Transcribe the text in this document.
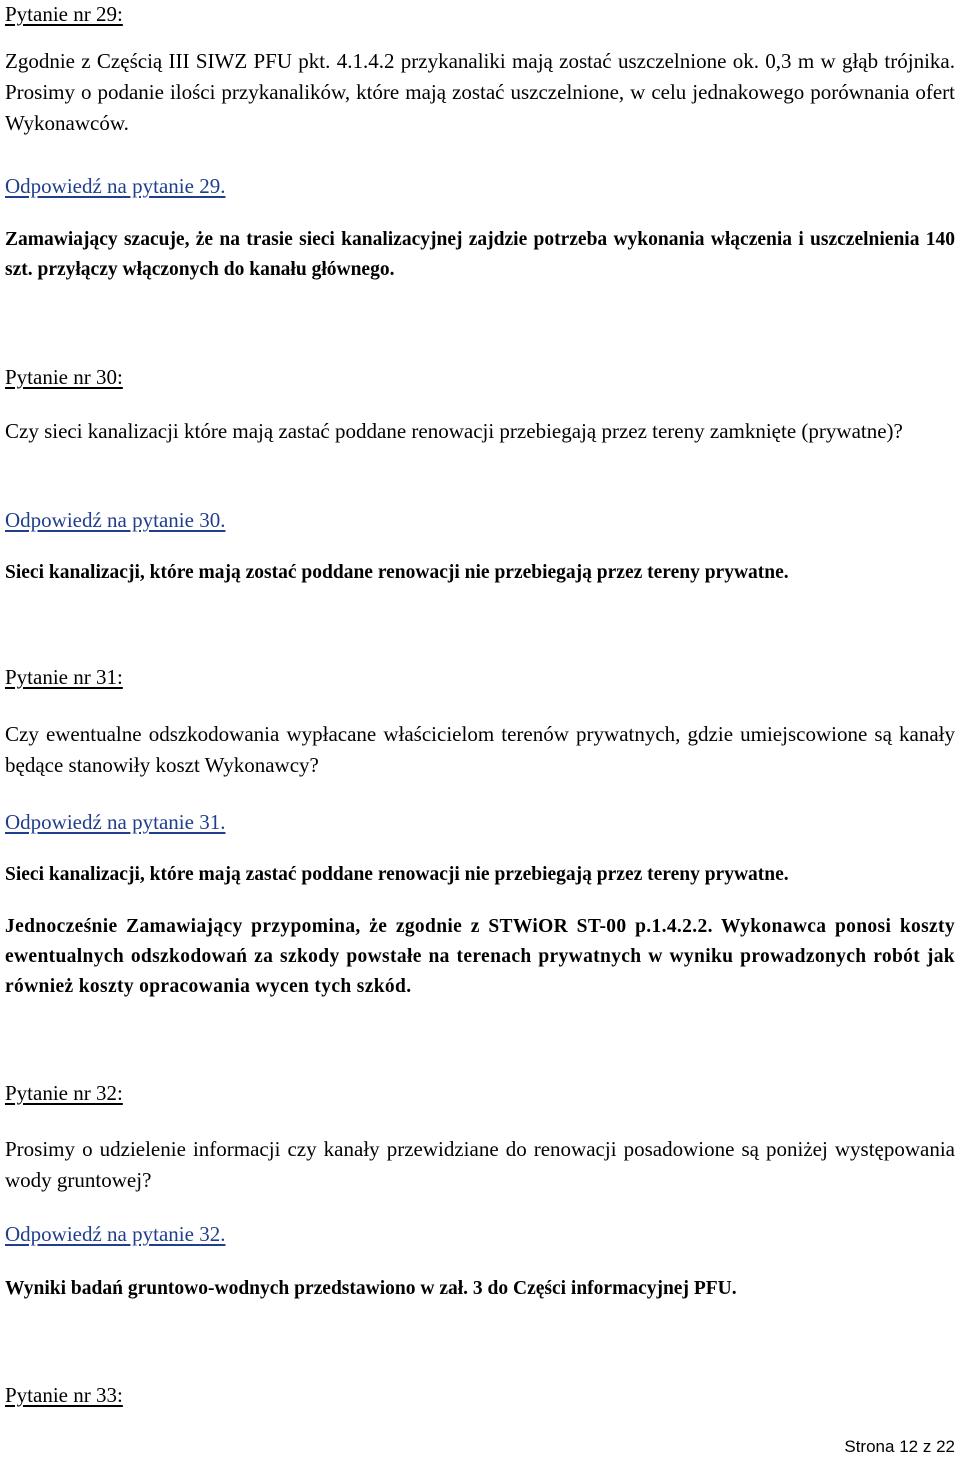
Pytanie nr 29:

Zgodnie z Częścią III SIWZ PFU pkt. 4.1.4.2 przykanaliki mają zostać uszczelnione ok. 0,3 m w głąb trójnika. Prosimy o podanie ilości przykanalików, które mają zostać uszczelnione, w celu jednakowego porównania ofert Wykonawców.

Odpowiedź na pytanie 29.

Zamawiający szacuje, że na trasie sieci kanalizacyjnej zajdzie potrzeba wykonania włączenia i uszczelnienia 140 szt. przyłączy włączonych do kanału głównego.

Pytanie nr 30:

Czy sieci kanalizacji które mają zastać poddane renowacji przebiegają przez tereny zamknięte (prywatne)?

Odpowiedź na pytanie 30.

Sieci kanalizacji, które mają zostać poddane renowacji nie przebiegają przez tereny prywatne.

Pytanie nr 31:

Czy ewentualne odszkodowania wypłacane właścicielom terenów prywatnych, gdzie umiejscowione są kanały będące stanowiły koszt Wykonawcy?

Odpowiedź na pytanie 31.

Sieci kanalizacji, które mają zastać poddane renowacji nie przebiegają przez tereny prywatne.

Jednocześnie Zamawiający przypomina, że zgodnie z STWiOR ST-00 p.1.4.2.2. Wykonawca ponosi koszty ewentualnych odszkodowań za szkody powstałe na terenach prywatnych w wyniku prowadzonych robót jak również koszty opracowania wycen tych szkód.

Pytanie nr 32:

Prosimy o udzielenie informacji czy kanały przewidziane do renowacji posadowione są poniżej występowania wody gruntowej?

Odpowiedź na pytanie 32.

Wyniki badań gruntowo-wodnych przedstawiono w zał. 3 do Części informacyjnej PFU.

Pytanie nr 33:

Strona 12 z 22
